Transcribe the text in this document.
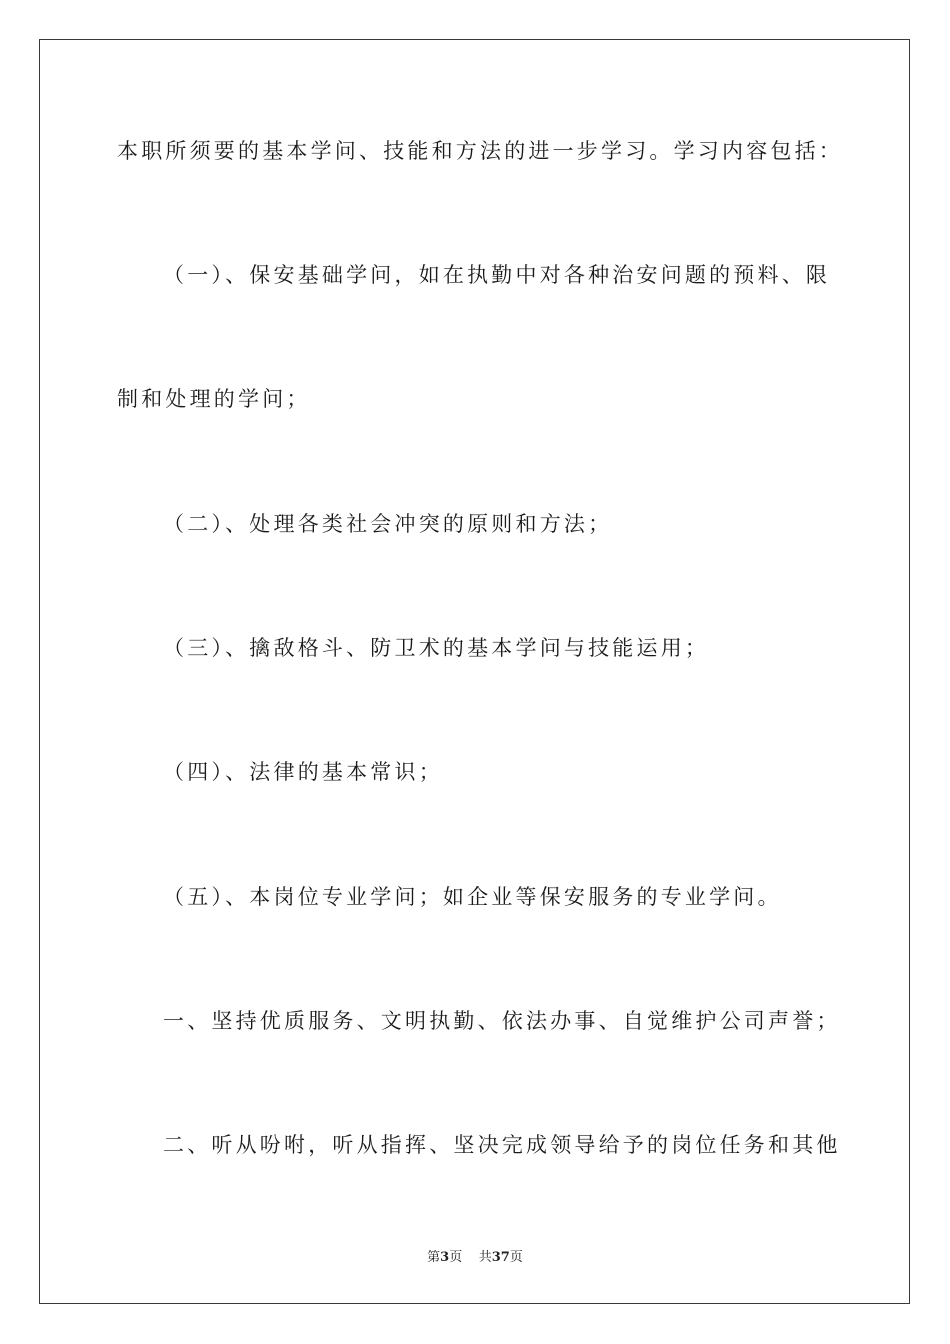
本职所须要的基本学问、技能和方法的进一步学习。学习内容包括：
（一）、保安基础学问，如在执勤中对各种治安问题的预料、限
制和处理的学问；
（二）、处理各类社会冲突的原则和方法；
（三）、擒敌格斗、防卫术的基本学问与技能运用；
（四）、法律的基本常识；
（五）、本岗位专业学问；如企业等保安服务的专业学问。
一、坚持优质服务、文明执勤、依法办事、自觉维护公司声誉；
二、听从吩咐，听从指挥、坚决完成领导给予的岗位任务和其他
第3页 共37页
